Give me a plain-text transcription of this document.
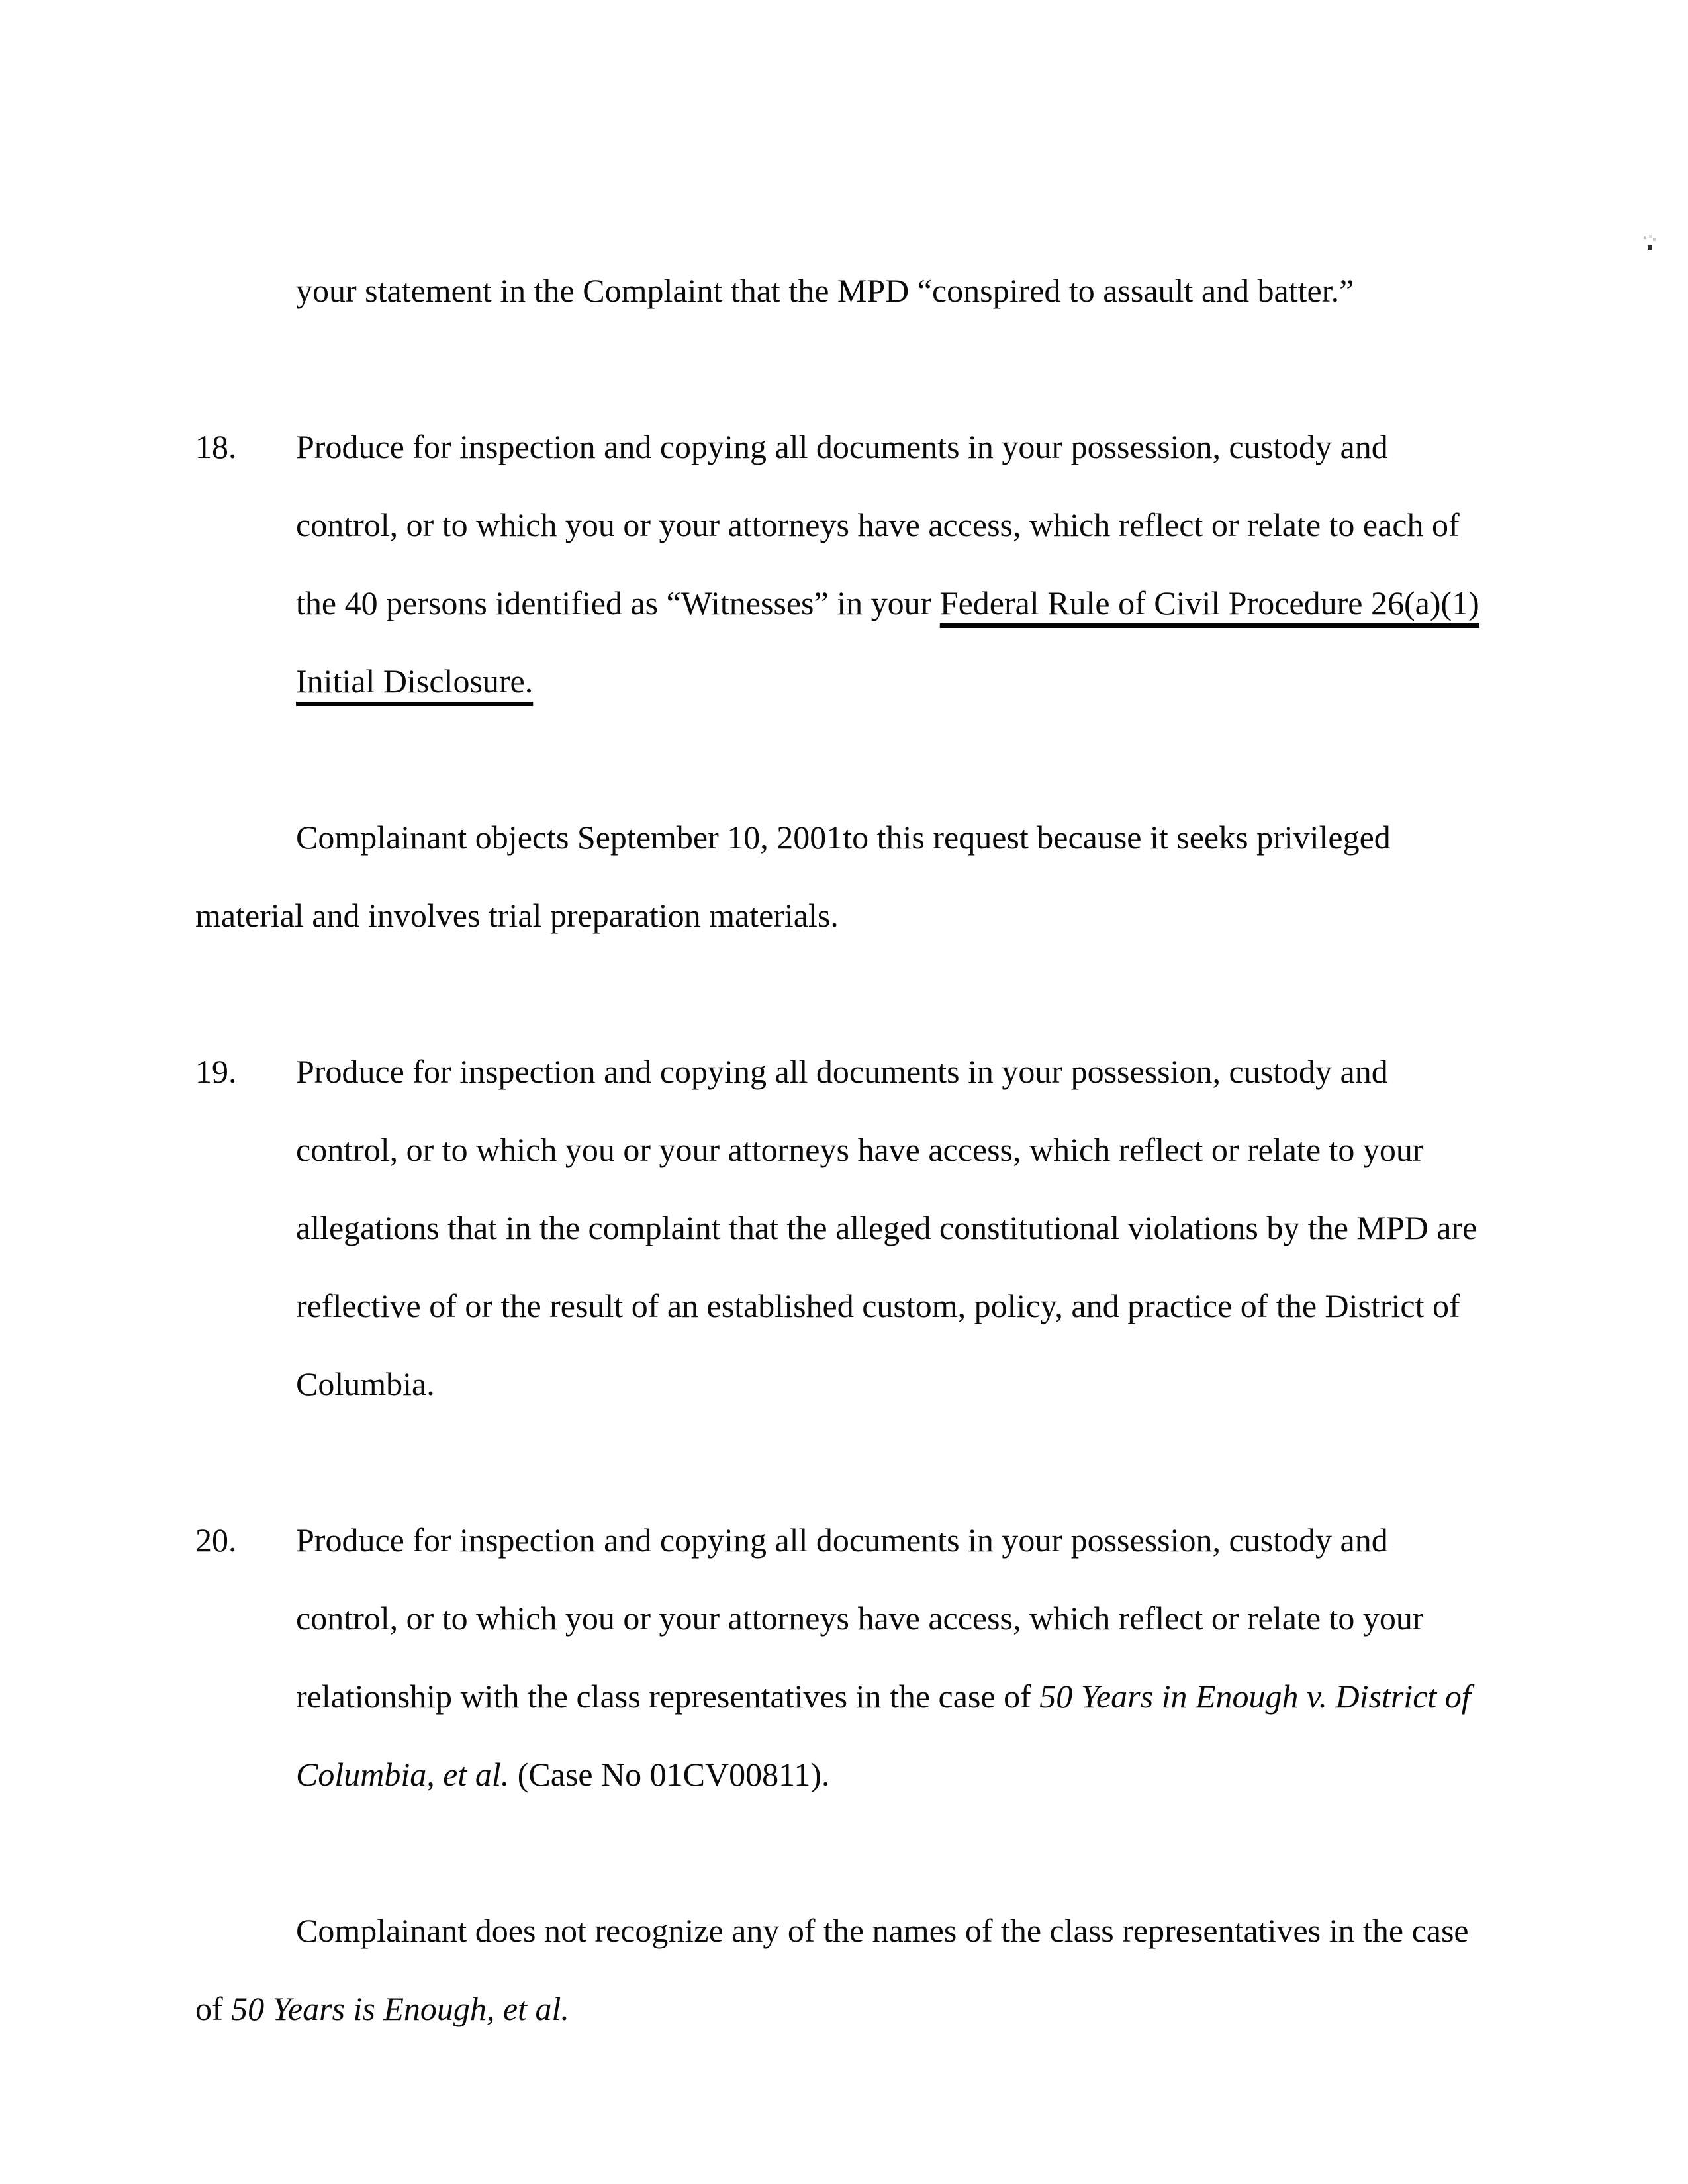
your statement in the Complaint that the MPD “conspired to assault and batter.”
18. Produce for inspection and copying all documents in your possession, custody and
control, or to which you or your attorneys have access, which reflect or relate to each of
the 40 persons identified as “Witnesses” in your Federal Rule of Civil Procedure 26(a)(1)
Initial Disclosure.
Complainant objects September 10, 2001to this request because it seeks privileged
material and involves trial preparation materials.
19. Produce for inspection and copying all documents in your possession, custody and
control, or to which you or your attorneys have access, which reflect or relate to your
allegations that in the complaint that the alleged constitutional violations by the MPD are
reflective of or the result of an established custom, policy, and practice of the District of
Columbia.
20. Produce for inspection and copying all documents in your possession, custody and
control, or to which you or your attorneys have access, which reflect or relate to your
relationship with the class representatives in the case of 50 Years in Enough v. District of
Columbia, et al. (Case No 01CV00811).
Complainant does not recognize any of the names of the class representatives in the case
of 50 Years is Enough, et al.
